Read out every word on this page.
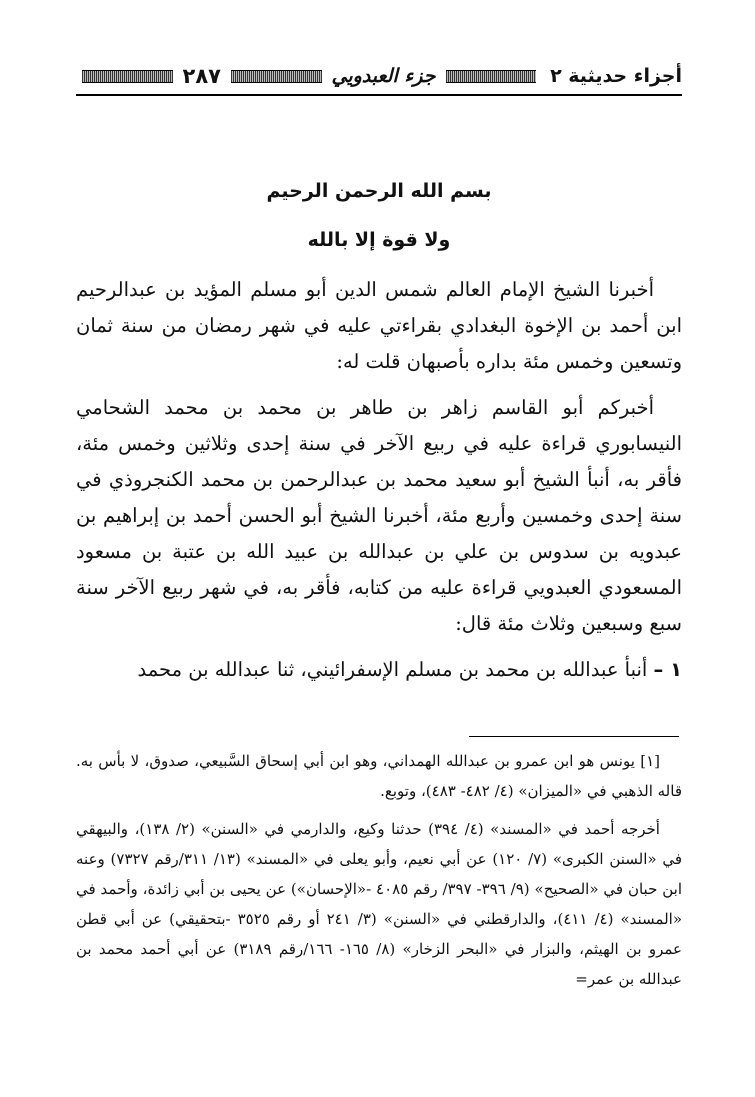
أجزاء حديثية ٢
جزء العبدويي
٢٨٧
بسم الله الرحمن الرحيم
ولا قوة إلا بالله

أخبرنا الشيخ الإمام العالم شمس الدين أبو مسلم المؤيد بن عبدالرحيم ابن أحمد بن الإخوة البغدادي بقراءتي عليه في شهر رمضان من سنة ثمان وتسعين وخمس مئة بداره بأصبهان قلت له:

أخبركم أبو القاسم زاهر بن طاهر بن محمد بن محمد الشحامي النيسابوري قراءة عليه في ربيع الآخر في سنة إحدى وثلاثين وخمس مئة، فأقر به، أنبأ الشيخ أبو سعيد محمد بن عبدالرحمن بن محمد الكنجروذي في سنة إحدى وخمسين وأربع مئة، أخبرنا الشيخ أبو الحسن أحمد بن إبراهيم بن عبدويه بن سدوس بن علي بن عبدالله بن عبيد الله بن عتبة بن مسعود المسعودي العبدويي قراءة عليه من كتابه، فأقر به، في شهر ربيع الآخر سنة سبع وسبعين وثلاث مئة قال:

١ – أنبأ عبدالله بن محمد بن مسلم الإسفرائيني، ثنا عبدالله بن محمد

[١] يونس هو ابن عمرو بن عبدالله الهمداني، وهو ابن أبي إسحاق السَّبيعي، صدوق، لا بأس به. قاله الذهبي في «الميزان» (٤/ ٤٨٢- ٤٨٣)، وتوبع.

أخرجه أحمد في «المسند» (٤/ ٣٩٤) حدثنا وكيع، والدارمي في «السنن» (٢/ ١٣٨)، والبيهقي في «السنن الكبرى» (٧/ ١٢٠) عن أبي نعيم، وأبو يعلى في «المسند» (١٣/ ٣١١/رقم ٧٣٢٧) وعنه ابن حبان في «الصحيح» (٩/ ٣٩٦- ٣٩٧/ رقم ٤٠٨٥ -«الإحسان») عن يحيى بن أبي زائدة، وأحمد في «المسند» (٤/ ٤١١)، والدارقطني في «السنن» (٣/ ٢٤١ أو رقم ٣٥٢٥ -بتحقيقي) عن أبي قطن عمرو بن الهيثم، والبزار في «البحر الزخار» (٨/ ١٦٥- ١٦٦/رقم ٣١٨٩) عن أبي أحمد محمد بن عبدالله بن عمر=
